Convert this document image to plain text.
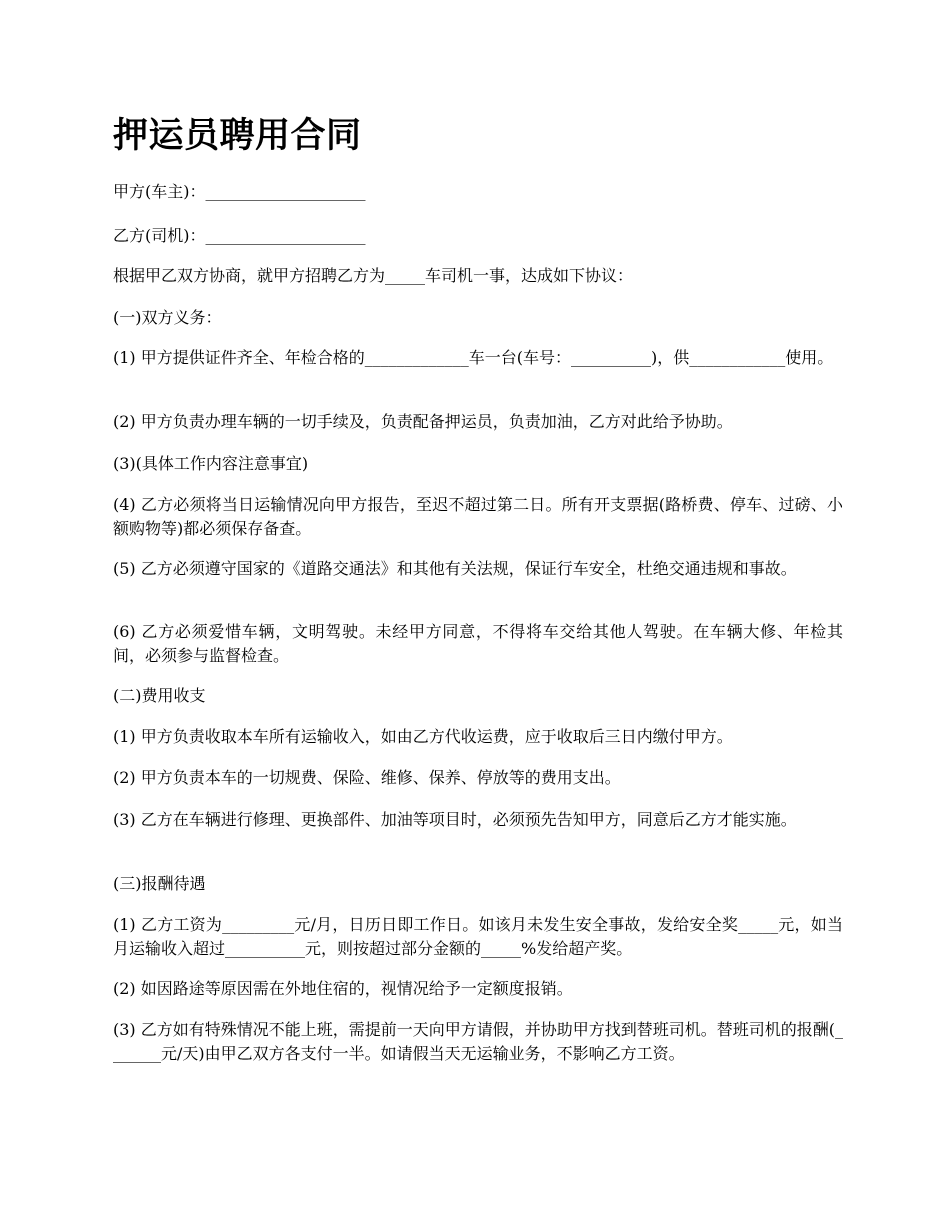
押运员聘用合同

甲方(车主)：____________________

乙方(司机)：____________________

根据甲乙双方协商，就甲方招聘乙方为_____车司机一事，达成如下协议：

(一)双方义务：

(1) 甲方提供证件齐全、年检合格的_____________车一台(车号：__________)，供____________使用。

(2) 甲方负责办理车辆的一切手续及，负责配备押运员，负责加油，乙方对此给予协助。

(3)(具体工作内容注意事宜)

(4) 乙方必须将当日运输情况向甲方报告，至迟不超过第二日。所有开支票据(路桥费、停车、过磅、小额购物等)都必须保存备查。

(5) 乙方必须遵守国家的《道路交通法》和其他有关法规，保证行车安全，杜绝交通违规和事故。

(6) 乙方必须爱惜车辆，文明驾驶。未经甲方同意，不得将车交给其他人驾驶。在车辆大修、年检其间，必须参与监督检查。

(二)费用收支

(1) 甲方负责收取本车所有运输收入，如由乙方代收运费，应于收取后三日内缴付甲方。

(2) 甲方负责本车的一切规费、保险、维修、保养、停放等的费用支出。

(3) 乙方在车辆进行修理、更换部件、加油等项目时，必须预先告知甲方，同意后乙方才能实施。

(三)报酬待遇

(1) 乙方工资为_________元/月，日历日即工作日。如该月未发生安全事故，发给安全奖_____元，如当月运输收入超过__________元，则按超过部分金额的_____%发给超产奖。

(2) 如因路途等原因需在外地住宿的，视情况给予一定额度报销。

(3) 乙方如有特殊情况不能上班，需提前一天向甲方请假，并协助甲方找到替班司机。替班司机的报酬(_______元/天)由甲乙双方各支付一半。如请假当天无运输业务，不影响乙方工资。
